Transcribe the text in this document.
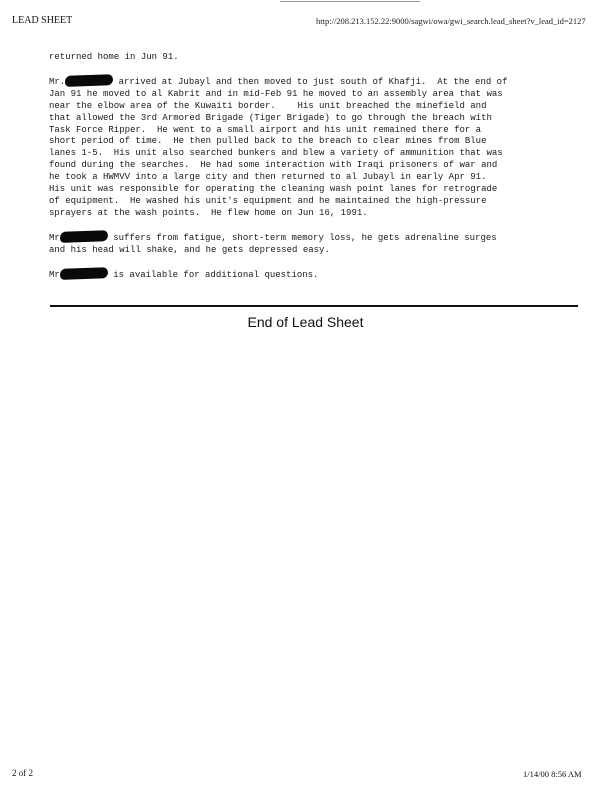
LEAD SHEET	http://208.213.152.22:9000/sagwi/owa/gwi_search.lead_sheet?v_lead_id=2127

returned home in Jun 91.

Mr.	arrived at Jubayl and then moved to just south of Khafji.  At the end of
Jan 91 he moved to al Kabrit and in mid-Feb 91 he moved to an assembly area that was
near the elbow area of the Kuwaiti border.    His unit breached the minefield and
that allowed the 3rd Armored Brigade (Tiger Brigade) to go through the breach with
Task Force Ripper.  He went to a small airport and his unit remained there for a
short period of time.  He then pulled back to the breach to clear mines from Blue
lanes 1-5.  His unit also searched bunkers and blew a variety of ammunition that was
found during the searches.  He had some interaction with Iraqi prisoners of war and
he took a HWMVV into a large city and then returned to al Jubayl in early Apr 91.
His unit was responsible for operating the cleaning wash point lanes for retrograde
of equipment.  He washed his unit's equipment and he maintained the high-pressure
sprayers at the wash points.  He flew home on Jun 16, 1991.

Mr	suffers from fatigue, short-term memory loss, he gets adrenaline surges
and his head will shake, and he gets depressed easy.

Mr	is available for additional questions.

End of Lead Sheet
2 of 2	1/14/00 8:56 AM
